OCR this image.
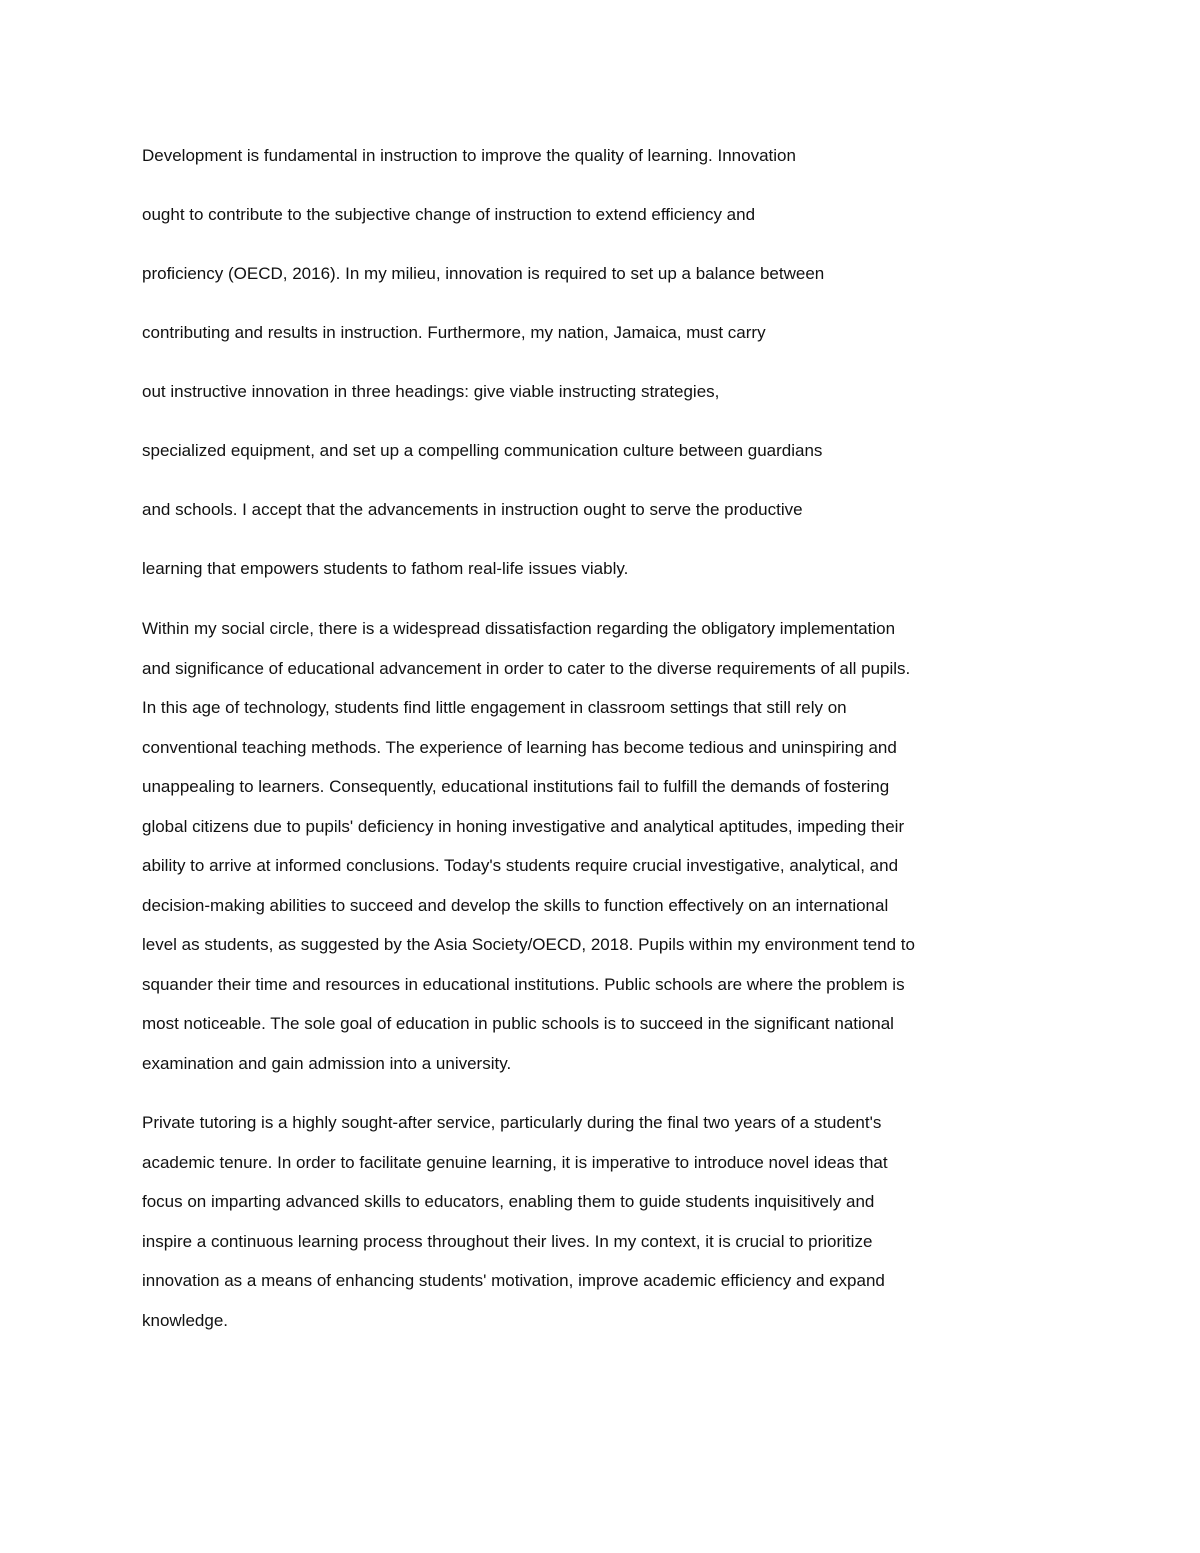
Development is fundamental in instruction to improve the quality of learning. Innovation
ought to contribute to the subjective change of instruction to extend efficiency and
proficiency (OECD, 2016). In my milieu, innovation is required to set up a balance between
contributing and results in instruction. Furthermore, my nation, Jamaica, must carry
out instructive innovation in three headings: give viable instructing strategies,
specialized equipment, and set up a compelling communication culture between guardians
and schools. I accept that the advancements in instruction ought to serve the productive
learning that empowers students to fathom real-life issues viably.
Within my social circle, there is a widespread dissatisfaction regarding the obligatory implementation
and significance of educational advancement in order to cater to the diverse requirements of all pupils.
In this age of technology, students find little engagement in classroom settings that still rely on
conventional teaching methods. The experience of learning has become tedious and uninspiring and
unappealing to learners. Consequently, educational institutions fail to fulfill the demands of fostering
global citizens due to pupils' deficiency in honing investigative and analytical aptitudes, impeding their
ability to arrive at informed conclusions. Today's students require crucial investigative, analytical, and
decision-making abilities to succeed and develop the skills to function effectively on an international
level as students, as suggested by the Asia Society/OECD, 2018. Pupils within my environment tend to
squander their time and resources in educational institutions. Public schools are where the problem is
most noticeable. The sole goal of education in public schools is to succeed in the significant national
examination and gain admission into a university.
Private tutoring is a highly sought-after service, particularly during the final two years of a student's
academic tenure. In order to facilitate genuine learning, it is imperative to introduce novel ideas that
focus on imparting advanced skills to educators, enabling them to guide students inquisitively and
inspire a continuous learning process throughout their lives. In my context, it is crucial to prioritize
innovation as a means of enhancing students' motivation, improve academic efficiency and expand
knowledge.
